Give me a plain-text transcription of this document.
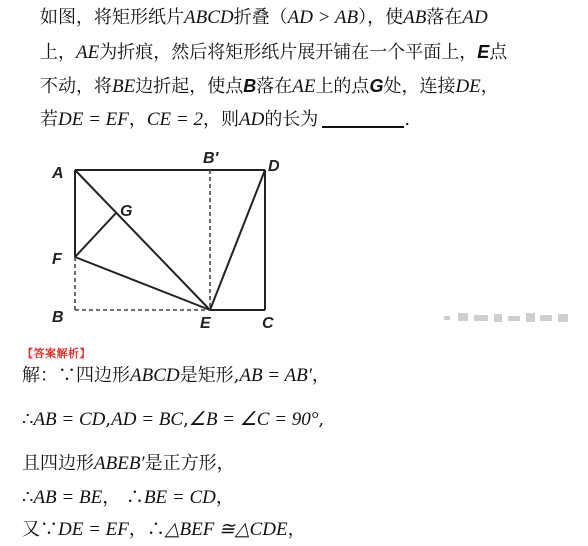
如图，将矩形纸片ABCD折叠（AD > AB），使AB落在AD
上，AE为折痕，然后将矩形纸片展开铺在一个平面上，E点
不动，将BE边折起，使点B落在AE上的点G处，连接DE，
若DE = EF，CE = 2，则AD的长为	.
A
B′	D
G
F
B	E	C
【答案解析】
解：∵四边形ABCD是矩形,AB = AB′，
∴AB = CD,AD = BC,∠B = ∠C = 90°,
且四边形ABEB′是正方形，
∴AB = BE， ∴BE = CD，
又∵DE = EF，∴△BEF ≅△CDE，
